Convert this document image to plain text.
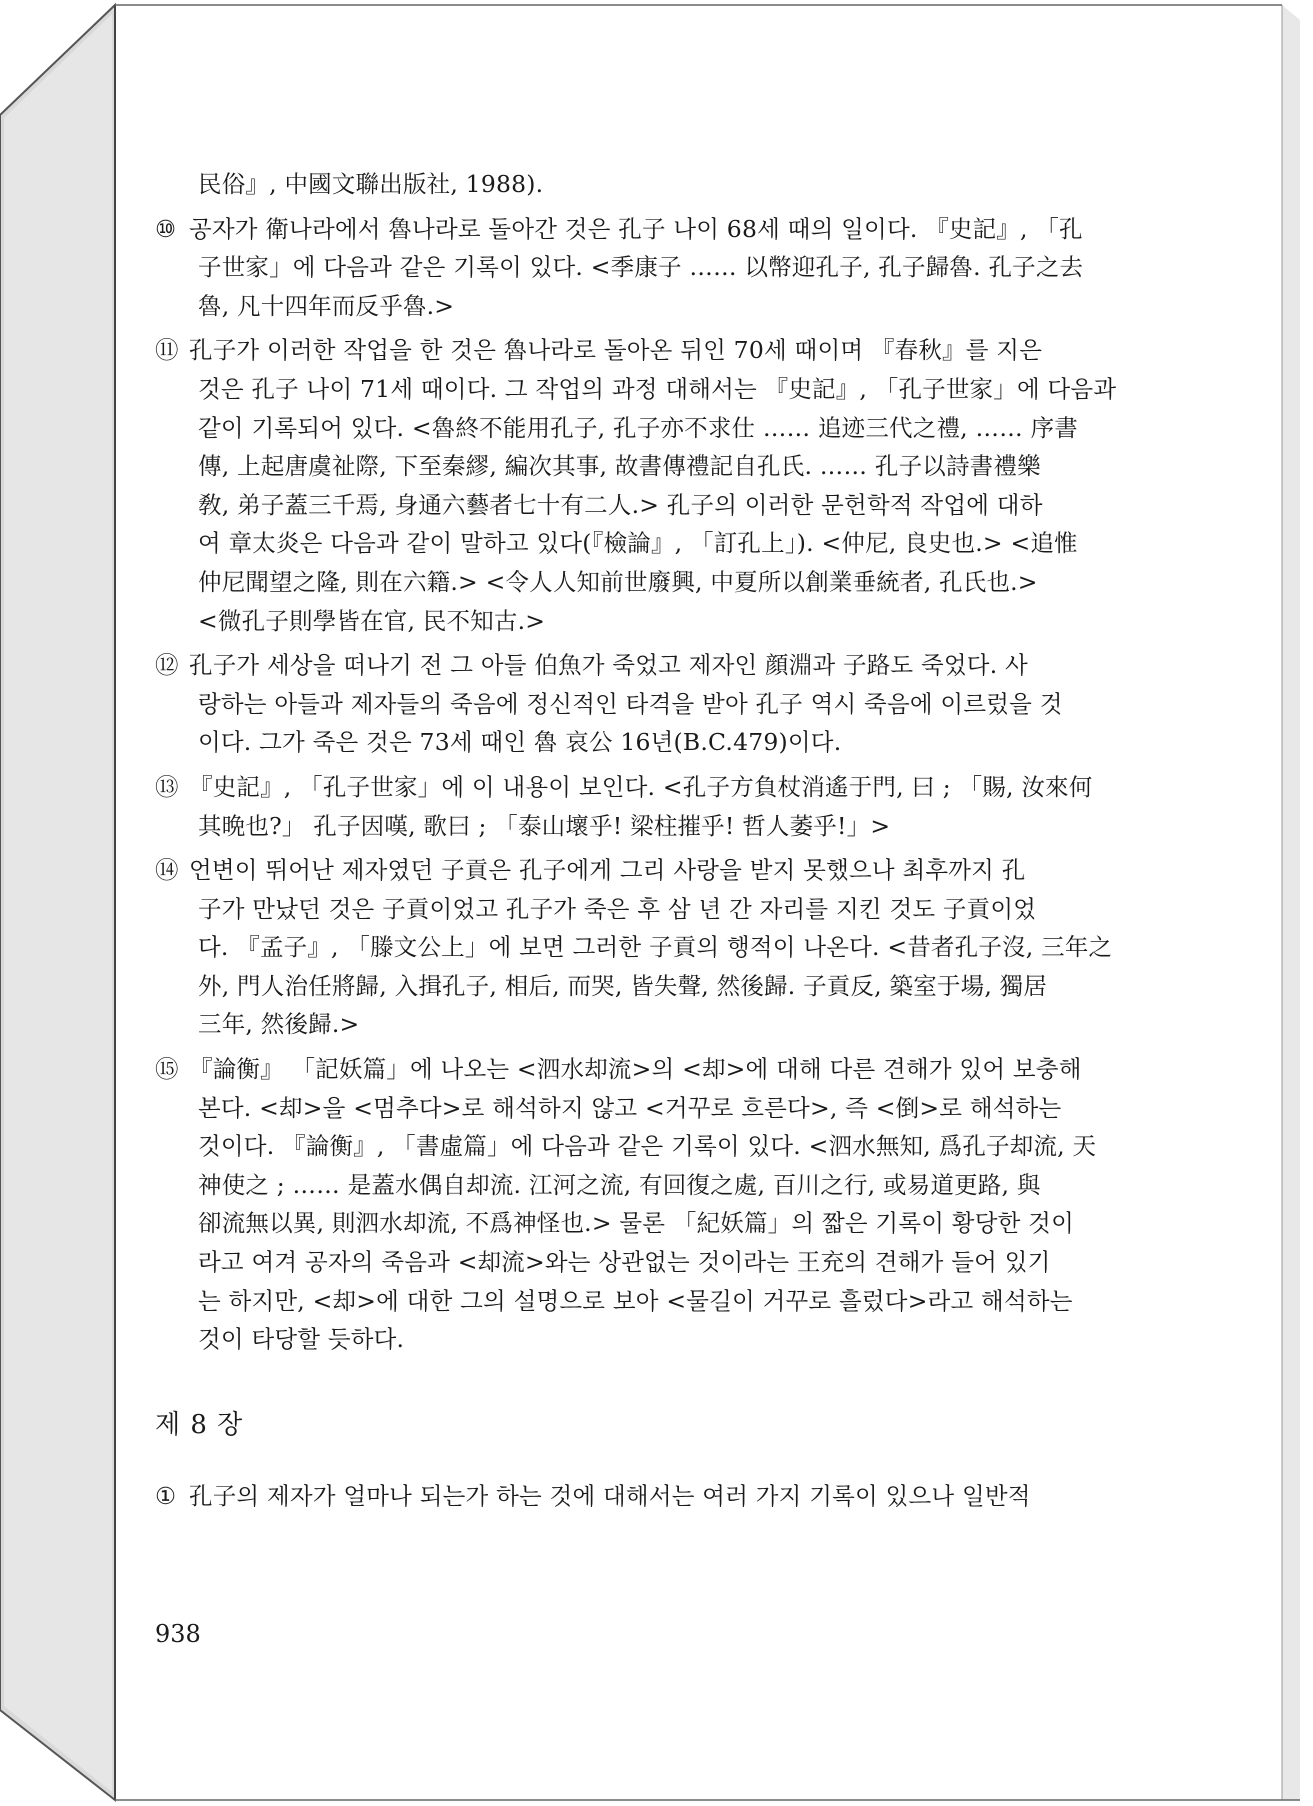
民俗』, 中國文聯出版社, 1988).
⑩ 공자가 衛나라에서 魯나라로 돌아간 것은 孔子 나이 68세 때의 일이다. 『史記』, 「孔
子世家」에 다음과 같은 기록이 있다. <季康子 …… 以幣迎孔子, 孔子歸魯. 孔子之去
魯, 凡十四年而反乎魯.>
⑪ 孔子가 이러한 작업을 한 것은 魯나라로 돌아온 뒤인 70세 때이며 『春秋』를 지은
것은 孔子 나이 71세 때이다. 그 작업의 과정 대해서는 『史記』, 「孔子世家」에 다음과
같이 기록되어 있다. <魯終不能用孔子, 孔子亦不求仕 …… 追迹三代之禮, …… 序書
傳, 上起唐虞祉際, 下至秦繆, 編次其事, 故書傳禮記自孔氏. …… 孔子以詩書禮樂
敎, 弟子蓋三千焉, 身通六藝者七十有二人.> 孔子의 이러한 문헌학적 작업에 대하
여 章太炎은 다음과 같이 말하고 있다(『檢論』, 「訂孔上」). <仲尼, 良史也.> <追惟
仲尼聞望之隆, 則在六籍.> <令人人知前世廢興, 中夏所以創業垂統者, 孔氏也.>
<微孔子則學皆在官, 民不知古.>
⑫ 孔子가 세상을 떠나기 전 그 아들 伯魚가 죽었고 제자인 顔淵과 子路도 죽었다. 사
랑하는 아들과 제자들의 죽음에 정신적인 타격을 받아 孔子 역시 죽음에 이르렀을 것
이다. 그가 죽은 것은 73세 때인 魯 哀公 16년(B.C.479)이다.
⑬ 『史記』, 「孔子世家」에 이 내용이 보인다. <孔子方負杖消遙于門, 曰 ; 「賜, 汝來何
其晩也?」 孔子因嘆, 歌曰 ; 「泰山壞乎! 梁柱摧乎! 哲人萎乎!」>
⑭ 언변이 뛰어난 제자였던 子貢은 孔子에게 그리 사랑을 받지 못했으나 최후까지 孔
子가 만났던 것은 子貢이었고 孔子가 죽은 후 삼 년 간 자리를 지킨 것도 子貢이었
다. 『孟子』, 「滕文公上」에 보면 그러한 子貢의 행적이 나온다. <昔者孔子沒, 三年之
外, 門人治任將歸, 入揖孔子, 相后, 而哭, 皆失聲, 然後歸. 子貢反, 築室于場, 獨居
三年, 然後歸.>
⑮ 『論衡』 「記妖篇」에 나오는 <泗水却流>의 <却>에 대해 다른 견해가 있어 보충해
본다. <却>을 <멈추다>로 해석하지 않고 <거꾸로 흐른다>, 즉 <倒>로 해석하는
것이다. 『論衡』, 「書虛篇」에 다음과 같은 기록이 있다. <泗水無知, 爲孔子却流, 天
神使之 ; …… 是蓋水偶自却流. 江河之流, 有回復之處, 百川之行, 或易道更路, 與
卻流無以異, 則泗水却流, 不爲神怪也.> 물론 「紀妖篇」의 짧은 기록이 황당한 것이
라고 여겨 공자의 죽음과 <却流>와는 상관없는 것이라는 王充의 견해가 들어 있기
는 하지만, <却>에 대한 그의 설명으로 보아 <물길이 거꾸로 흘렀다>라고 해석하는
것이 타당할 듯하다.
제 8 장
① 孔子의 제자가 얼마나 되는가 하는 것에 대해서는 여러 가지 기록이 있으나 일반적
938
